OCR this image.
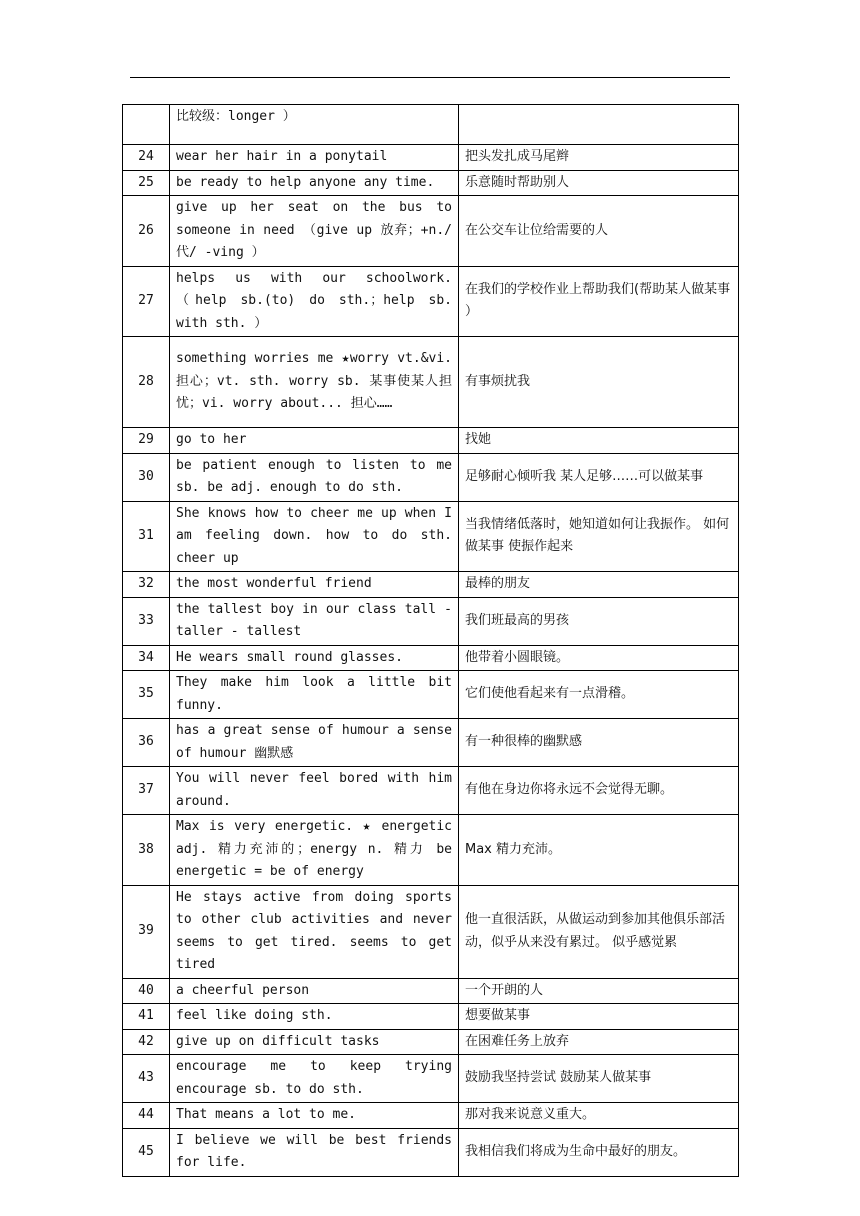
	比较级：longer ）	
24	wear her hair in a ponytail	把头发扎成马尾辫
25	be ready to help anyone any time.	乐意随时帮助别人
26	give up her seat on the bus to someone in need （give up 放弃；+n./代/ -ving ）	在公交车让位给需要的人
27	helps us with our schoolwork. （help sb.(to) do sth.；help sb. with sth. ）	在我们的学校作业上帮助我们(帮助某人做某事 ）
28	something worries me ★worry vt.&vi. 担心；vt. sth. worry sb. 某事使某人担忧；vi. worry about... 担心……	有事烦扰我
29	go to her	找她
30	be patient enough to listen to me sb. be adj. enough to do sth.	足够耐心倾听我 某人足够……可以做某事
31	She knows how to cheer me up when I am feeling down. how to do sth. cheer up	当我情绪低落时，她知道如何让我振作。 如何做某事 使振作起来
32	the most wonderful friend	最棒的朋友
33	the tallest boy in our class tall - taller - tallest	我们班最高的男孩
34	He wears small round glasses.	他带着小圆眼镜。
35	They make him look a little bit funny.	它们使他看起来有一点滑稽。
36	has a great sense of humour a sense of humour 幽默感	有一种很棒的幽默感
37	You will never feel bored with him around.	有他在身边你将永远不会觉得无聊。
38	Max is very energetic. ★ energetic adj. 精力充沛的；energy n. 精力 be energetic = be of energy	Max 精力充沛。
39	He stays active from doing sports to other club activities and never seems to get tired. seems to get tired	他一直很活跃，从做运动到参加其他俱乐部活动，似乎从来没有累过。 似乎感觉累
40	a cheerful person	一个开朗的人
41	feel like doing sth.	想要做某事
42	give up on difficult tasks	在困难任务上放弃
43	encourage me to keep trying encourage sb. to do sth.	鼓励我坚持尝试 鼓励某人做某事
44	That means a lot to me.	那对我来说意义重大。
45	I believe we will be best friends for life.	我相信我们将成为生命中最好的朋友。
